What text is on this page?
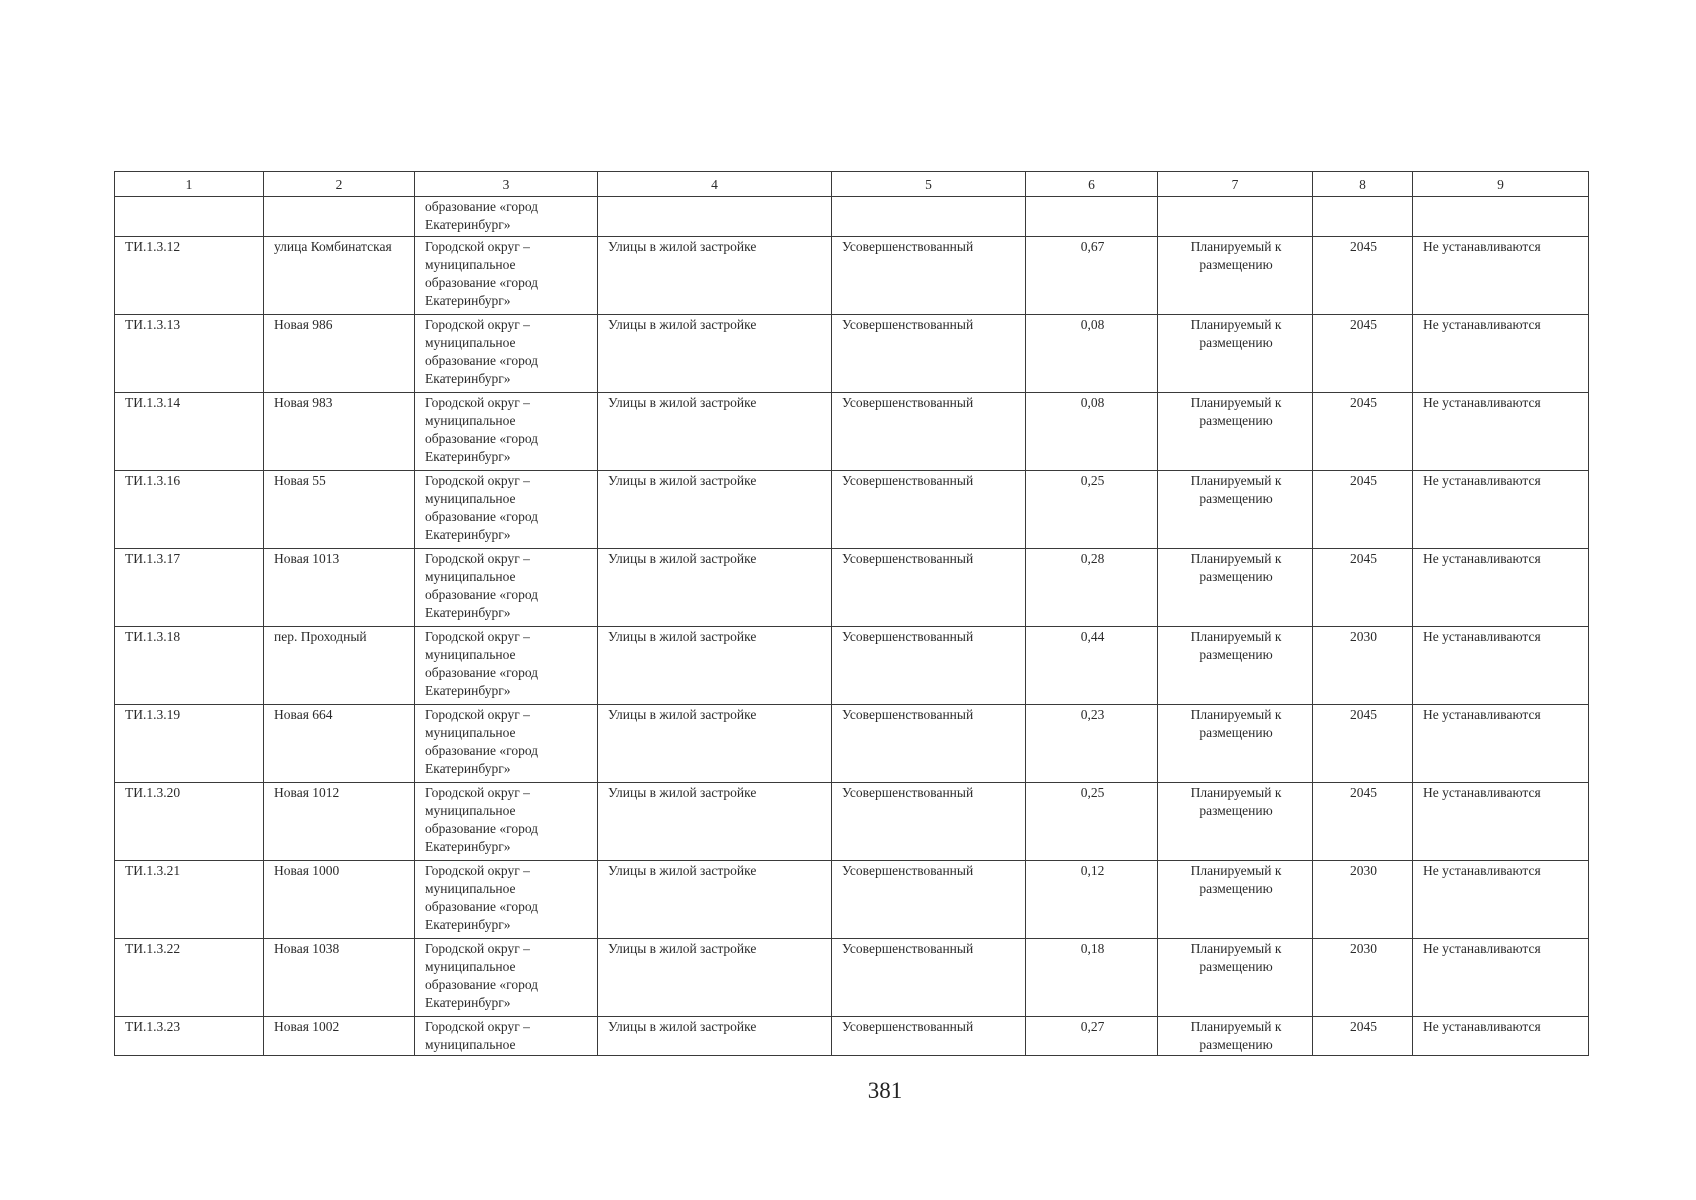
1	2	3	4	5	6	7	8	9
		образование «город Екатеринбург»						
ТИ.1.3.12	улица Комбинатская	Городской округ – муниципальное образование «город Екатеринбург»	Улицы в жилой застройке	Усовершенствованный	0,67	Планируемый к размещению	2045	Не устанавливаются
ТИ.1.3.13	Новая 986	Городской округ – муниципальное образование «город Екатеринбург»	Улицы в жилой застройке	Усовершенствованный	0,08	Планируемый к размещению	2045	Не устанавливаются
ТИ.1.3.14	Новая 983	Городской округ – муниципальное образование «город Екатеринбург»	Улицы в жилой застройке	Усовершенствованный	0,08	Планируемый к размещению	2045	Не устанавливаются
ТИ.1.3.16	Новая 55	Городской округ – муниципальное образование «город Екатеринбург»	Улицы в жилой застройке	Усовершенствованный	0,25	Планируемый к размещению	2045	Не устанавливаются
ТИ.1.3.17	Новая 1013	Городской округ – муниципальное образование «город Екатеринбург»	Улицы в жилой застройке	Усовершенствованный	0,28	Планируемый к размещению	2045	Не устанавливаются
ТИ.1.3.18	пер. Проходный	Городской округ – муниципальное образование «город Екатеринбург»	Улицы в жилой застройке	Усовершенствованный	0,44	Планируемый к размещению	2030	Не устанавливаются
ТИ.1.3.19	Новая 664	Городской округ – муниципальное образование «город Екатеринбург»	Улицы в жилой застройке	Усовершенствованный	0,23	Планируемый к размещению	2045	Не устанавливаются
ТИ.1.3.20	Новая 1012	Городской округ – муниципальное образование «город Екатеринбург»	Улицы в жилой застройке	Усовершенствованный	0,25	Планируемый к размещению	2045	Не устанавливаются
ТИ.1.3.21	Новая 1000	Городской округ – муниципальное образование «город Екатеринбург»	Улицы в жилой застройке	Усовершенствованный	0,12	Планируемый к размещению	2030	Не устанавливаются
ТИ.1.3.22	Новая 1038	Городской округ – муниципальное образование «город Екатеринбург»	Улицы в жилой застройке	Усовершенствованный	0,18	Планируемый к размещению	2030	Не устанавливаются
ТИ.1.3.23	Новая 1002	Городской округ – муниципальное	Улицы в жилой застройке	Усовершенствованный	0,27	Планируемый к размещению	2045	Не устанавливаются
381
